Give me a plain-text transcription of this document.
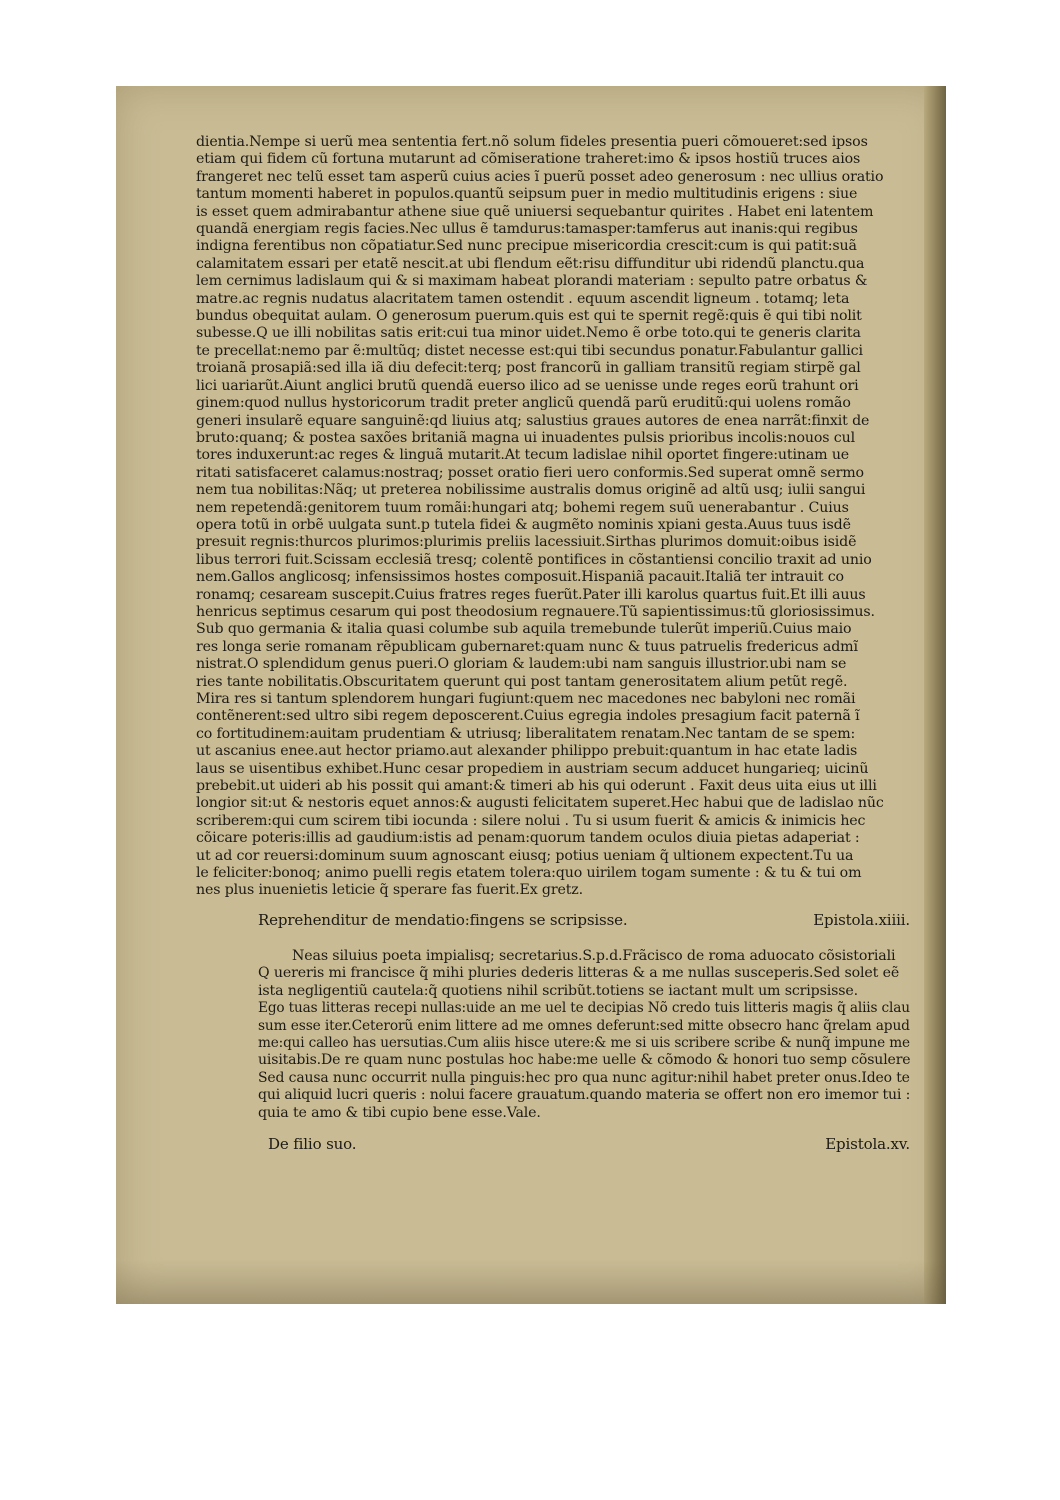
dientia.Nempe si uerũ mea sententia fert.nõ solum fideles presentia pueri cõmoueret:sed ipsos

etiam qui fidem cũ fortuna mutarunt ad cõmiseratione traheret:imo & ipsos hostiũ truces aios

frangeret nec telũ esset tam asperũ cuius acies ĩ puerũ posset adeo generosum : nec ullius oratio

tantum momenti haberet in populos.quantũ seipsum puer in medio multitudinis erigens : siue

is esset quem admirabantur athene siue quẽ uniuersi sequebantur quirites . Habet eni latentem

quandã energiam regis facies.Nec ullus ẽ tamdurus:tamasper:tamferus aut inanis:qui regibus

indigna ferentibus non cõpatiatur.Sed nunc precipue misericordia crescit:cum is qui patit:suã

calamitatem essari per etatẽ nescit.at ubi flendum eẽt:risu diffunditur ubi ridendũ planctu.qua

lem cernimus ladislaum qui & si maximam habeat plorandi materiam : sepulto patre orbatus &

matre.ac regnis nudatus alacritatem tamen ostendit . equum ascendit ligneum . totamq; leta

bundus obequitat aulam. O generosum puerum.quis est qui te spernit regẽ:quis ẽ qui tibi nolit

subesse.Q ue illi nobilitas satis erit:cui tua minor uidet.Nemo ẽ orbe toto.qui te generis clarita

te precellat:nemo par ẽ:multũq; distet necesse est:qui tibi secundus ponatur.Fabulantur gallici

troianã prosapiã:sed illa iã diu defecit:terq; post francorũ in galliam transitũ regiam stirpẽ gal

lici uariarũt.Aiunt anglici brutũ quendã euerso ilico ad se uenisse unde reges eorũ trahunt ori

ginem:quod nullus hystoricorum tradit preter anglicũ quendã parũ eruditũ:qui uolens romão

generi insularẽ equare sanguinẽ:qd liuius atq; salustius graues autores de enea narrãt:finxit de

bruto:quanq; & postea saxões britaniã magna ui inuadentes pulsis prioribus incolis:nouos cul

tores induxerunt:ac reges & linguã mutarit.At tecum ladislae nihil oportet fingere:utinam ue

ritati satisfaceret calamus:nostraq; posset oratio fieri uero conformis.Sed superat omnẽ sermo

nem tua nobilitas:Nãq; ut preterea nobilissime australis domus originẽ ad altũ usq; iulii sangui

nem repetendã:genitorem tuum romãi:hungari atq; bohemi regem suũ uenerabantur . Cuius

opera totũ in orbẽ uulgata sunt.p tutela fidei & augmẽto nominis xpiani gesta.Auus tuus isdẽ

presuit regnis:thurcos plurimos:plurimis preliis lacessiuit.Sirthas plurimos domuit:oibus isidẽ

libus terrori fuit.Scissam ecclesiã tresq; colentẽ pontifices in cõstantiensi concilio traxit ad unio

nem.Gallos anglicosq; infensissimos hostes composuit.Hispaniã pacauit.Italiã ter intrauit co

ronamq; cesaream suscepit.Cuius fratres reges fuerũt.Pater illi karolus quartus fuit.Et illi auus

henricus septimus cesarum qui post theodosium regnauere.Tũ sapientissimus:tũ gloriosissimus.

Sub quo germania & italia quasi columbe sub aquila tremebunde tulerũt imperiũ.Cuius maio

res longa serie romanam rẽpublicam gubernaret:quam nunc & tuus patruelis fredericus admĩ

nistrat.O splendidum genus pueri.O gloriam & laudem:ubi nam sanguis illustrior.ubi nam se

ries tante nobilitatis.Obscuritatem querunt qui post tantam generositatem alium petũt regẽ.

Mira res si tantum splendorem hungari fugiunt:quem nec macedones nec babyloni nec romãi

contẽnerent:sed ultro sibi regem deposcerent.Cuius egregia indoles presagium facit paternã ĩ

co fortitudinem:auitam prudentiam & utriusq; liberalitatem renatam.Nec tantam de se spem:

ut ascanius enee.aut hector priamo.aut alexander philippo prebuit:quantum in hac etate ladis

laus se uisentibus exhibet.Hunc cesar propediem in austriam secum adducet hungarieq; uicinũ

prebebit.ut uideri ab his possit qui amant:& timeri ab his qui oderunt . Faxit deus uita eius ut illi

longior sit:ut & nestoris equet annos:& augusti felicitatem superet.Hec habui que de ladislao nũc

scriberem:qui cum scirem tibi iocunda : silere nolui . Tu si usum fuerit & amicis & inimicis hec

cõicare poteris:illis ad gaudium:istis ad penam:quorum tandem oculos diuia pietas adaperiat :

ut ad cor reuersi:dominum suum agnoscant eiusq; potius ueniam q̃ ultionem expectent.Tu ua

le feliciter:bonoq; animo puelli regis etatem tolera:quo uirilem togam sumente : & tu & tui om

nes plus inuenietis leticie q̃ sperare fas fuerit.Ex gretz.

Reprehenditur de mendatio:fingens se scripsisse.	Epistola.xiiii.

Neas siluius poeta impialisq; secretarius.S.p.d.Frãcisco de roma aduocato cõsistoriali

Q uereris mi francisce q̃ mihi pluries dederis litteras & a me nullas susceperis.Sed solet eẽ

ista negligentiũ cautela:q̃ quotiens nihil scribũt.totiens se iactant mult um scripsisse.

Ego tuas litteras recepi nullas:uide an me uel te decipias Nõ credo tuis litteris magis q̃ aliis clau

sum esse iter.Ceterorũ enim littere ad me omnes deferunt:sed mitte obsecro hanc q̃relam apud

me:qui calleo has uersutias.Cum aliis hisce utere:& me si uis scribere scribe & nunq̃ impune me

uisitabis.De re quam nunc postulas hoc habe:me uelle & cõmodo & honori tuo semp cõsulere

Sed causa nunc occurrit nulla pinguis:hec pro qua nunc agitur:nihil habet preter onus.Ideo te

qui aliquid lucri queris : nolui facere grauatum.quando materia se offert non ero imemor tui :

quia te amo & tibi cupio bene esse.Vale.

De filio suo.	Epistola.xv.
